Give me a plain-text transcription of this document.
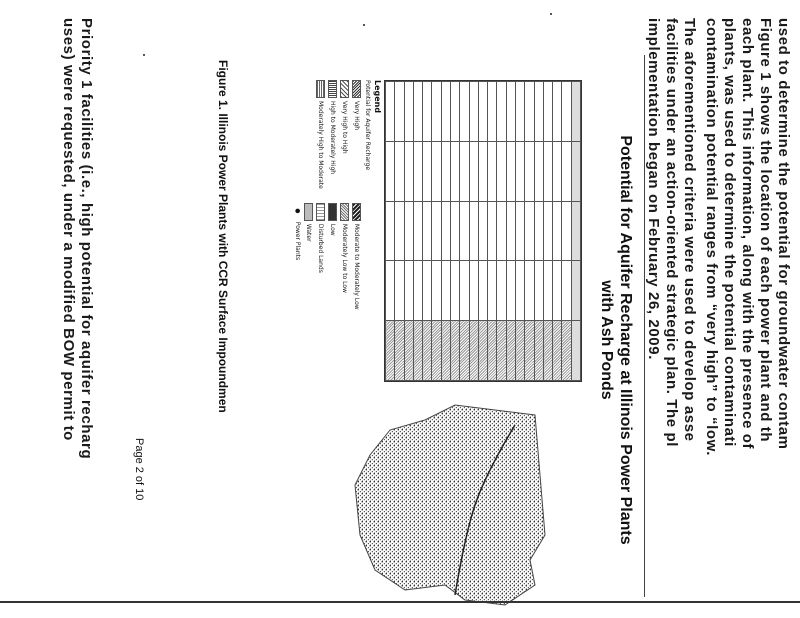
used to determine the potential for groundwater contam

Figure 1 shows the location of each power plant and th

each plant. This information, along with the presence of

plants, was used to determine the potential contaminati

contamination potential ranges from “very high” to “low.

The aforementioned criteria were used to develop asse

facilities under an action-oriented strategic plan. The pl

implementation began on February 26, 2009.

Potential for Aquifer Recharge at Illinois Power Plants
with Ash Ponds

Legend
Potential for Aquifer Recharge
Very High
Very High to High
High to Moderately High
Moderately High to Moderate
Moderate to Moderately Low
Moderately Low to Low
Low
Disturbed Lands
Water
●
Power Plants
Figure 1. Illinois Power Plants with CCR Surface Impoundmen
Page 2 of 10

Priority 1 facilities (i.e., high potential for aquifer recharg

uses) were requested, under a modified BOW permit to
